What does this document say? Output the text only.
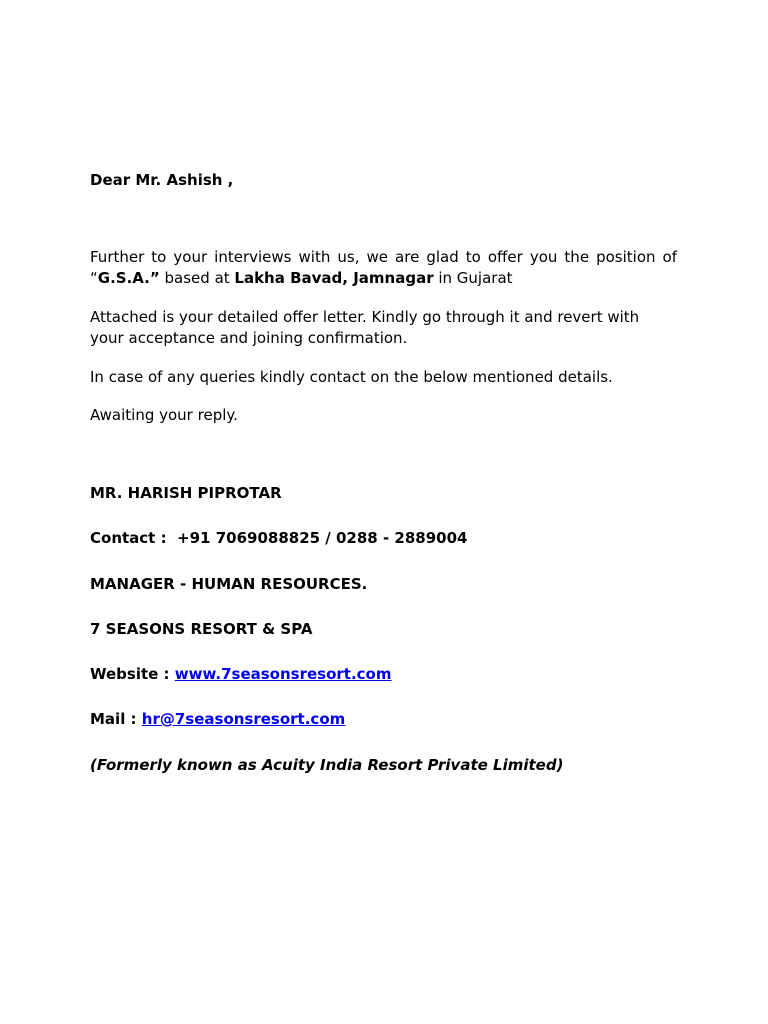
Dear Mr. Ashish ,
Further to your interviews with us, we are glad to offer you the position of
“G.S.A.” based at Lakha Bavad, Jamnagar in Gujarat
Attached is your detailed offer letter. Kindly go through it and revert with
your acceptance and joining confirmation.
In case of any queries kindly contact on the below mentioned details.
Awaiting your reply.
MR. HARISH PIPROTAR
Contact :  +91 7069088825 / 0288 - 2889004
MANAGER - HUMAN RESOURCES.
7 SEASONS RESORT & SPA
Website : www.7seasonsresort.com
Mail : hr@7seasonsresort.com
(Formerly known as Acuity India Resort Private Limited)
